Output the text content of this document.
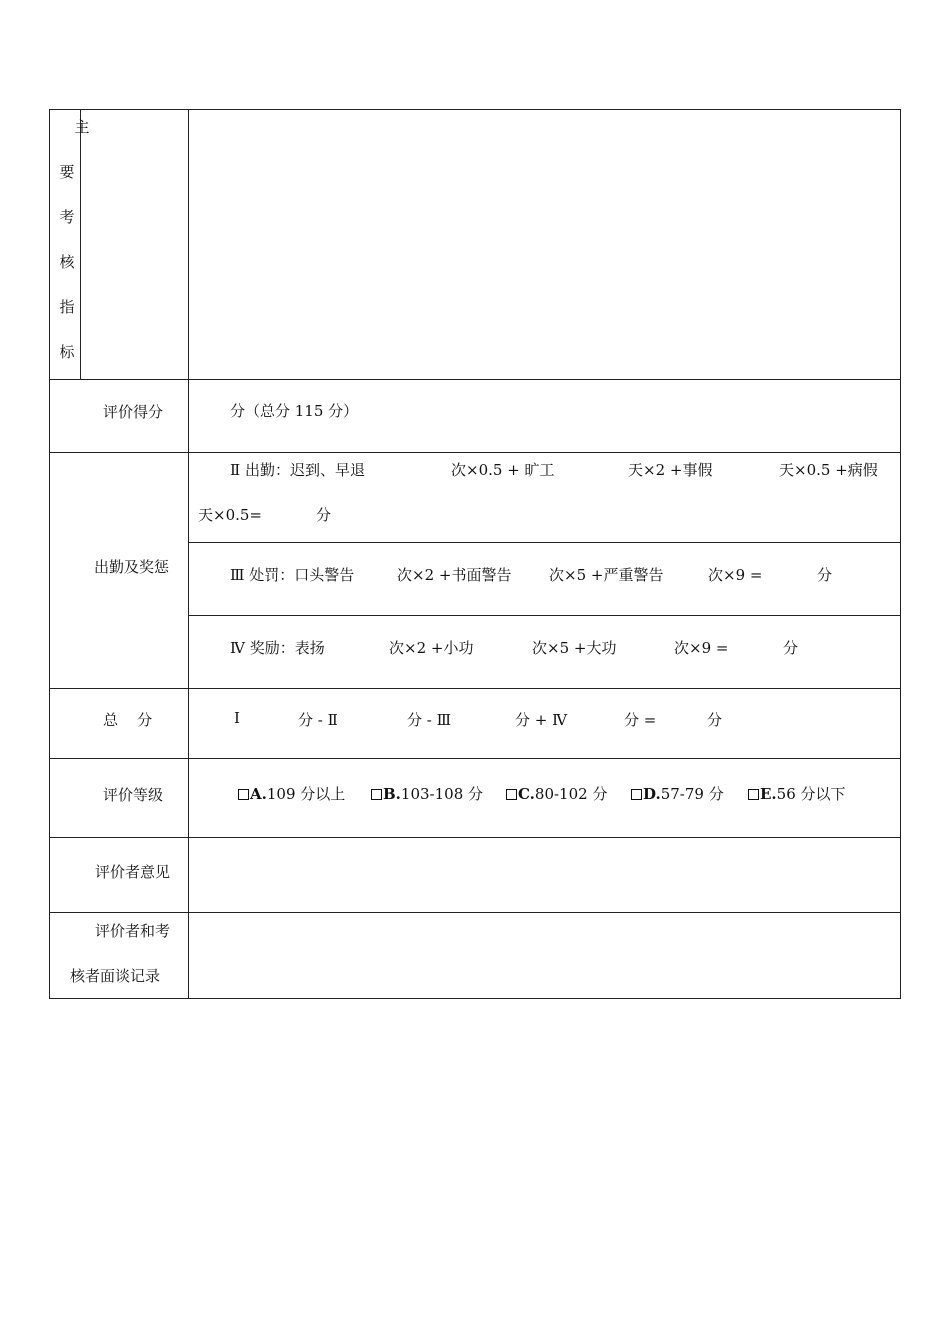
主
要
考
核
指
标
评价得分	分（总分 115 分）
出勤及奖惩
Ⅱ 出勤：迟到、早退	次×0.5 + 旷工	天×2 +事假	天×0.5 +病假
天×0.5=	分
Ⅲ 处罚：口头警告	次×2 +书面警告	次×5 +严重警告	次×9 =	分
Ⅳ 奖励：表扬	次×2 +小功	次×5 +大功	次×9 =	分
总    分	Ⅰ	分 - Ⅱ	分 - Ⅲ	分 + Ⅳ	分 =	分
评价等级	A.109 分以上	B.103-108 分	C.80-102 分	D.57-79 分	E.56 分以下
评价者意见
评价者和考
核者面谈记录
